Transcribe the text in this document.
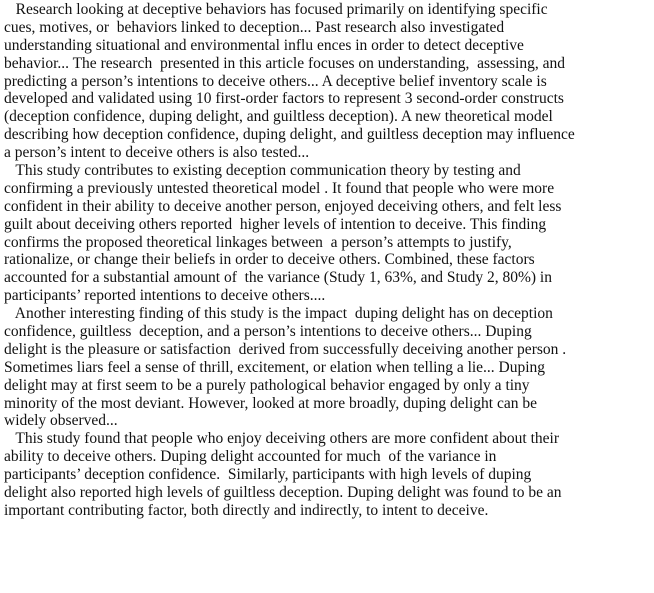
Research looking at deceptive behaviors has focused primarily on identifying specific
cues, motives, or  behaviors linked to deception... Past research also investigated
understanding situational and environmental influ ences in order to detect deceptive
behavior... The research  presented in this article focuses on understanding,  assessing, and
predicting a person’s intentions to deceive others... A deceptive belief inventory scale is
developed and validated using 10 first-order factors to represent 3 second-order constructs
(deception confidence, duping delight, and guiltless deception). A new theoretical model
describing how deception confidence, duping delight, and guiltless deception may influence
a person’s intent to deceive others is also tested...
This study contributes to existing deception communication theory by testing and
confirming a previously untested theoretical model . It found that people who were more
confident in their ability to deceive another person, enjoyed deceiving others, and felt less
guilt about deceiving others reported  higher levels of intention to deceive. This finding
confirms the proposed theoretical linkages between  a person’s attempts to justify,
rationalize, or change their beliefs in order to deceive others. Combined, these factors
accounted for a substantial amount of  the variance (Study 1, 63%, and Study 2, 80%) in
participants’ reported intentions to deceive others....
Another interesting finding of this study is the impact  duping delight has on deception
confidence, guiltless  deception, and a person’s intentions to deceive others... Duping
delight is the pleasure or satisfaction  derived from successfully deceiving another person .
Sometimes liars feel a sense of thrill, excitement, or elation when telling a lie... Duping
delight may at first seem to be a purely pathological behavior engaged by only a tiny
minority of the most deviant. However, looked at more broadly, duping delight can be
widely observed...
This study found that people who enjoy deceiving others are more confident about their
ability to deceive others. Duping delight accounted for much  of the variance in
participants’ deception confidence.  Similarly, participants with high levels of duping
delight also reported high levels of guiltless deception. Duping delight was found to be an
important contributing factor, both directly and indirectly, to intent to deceive.
